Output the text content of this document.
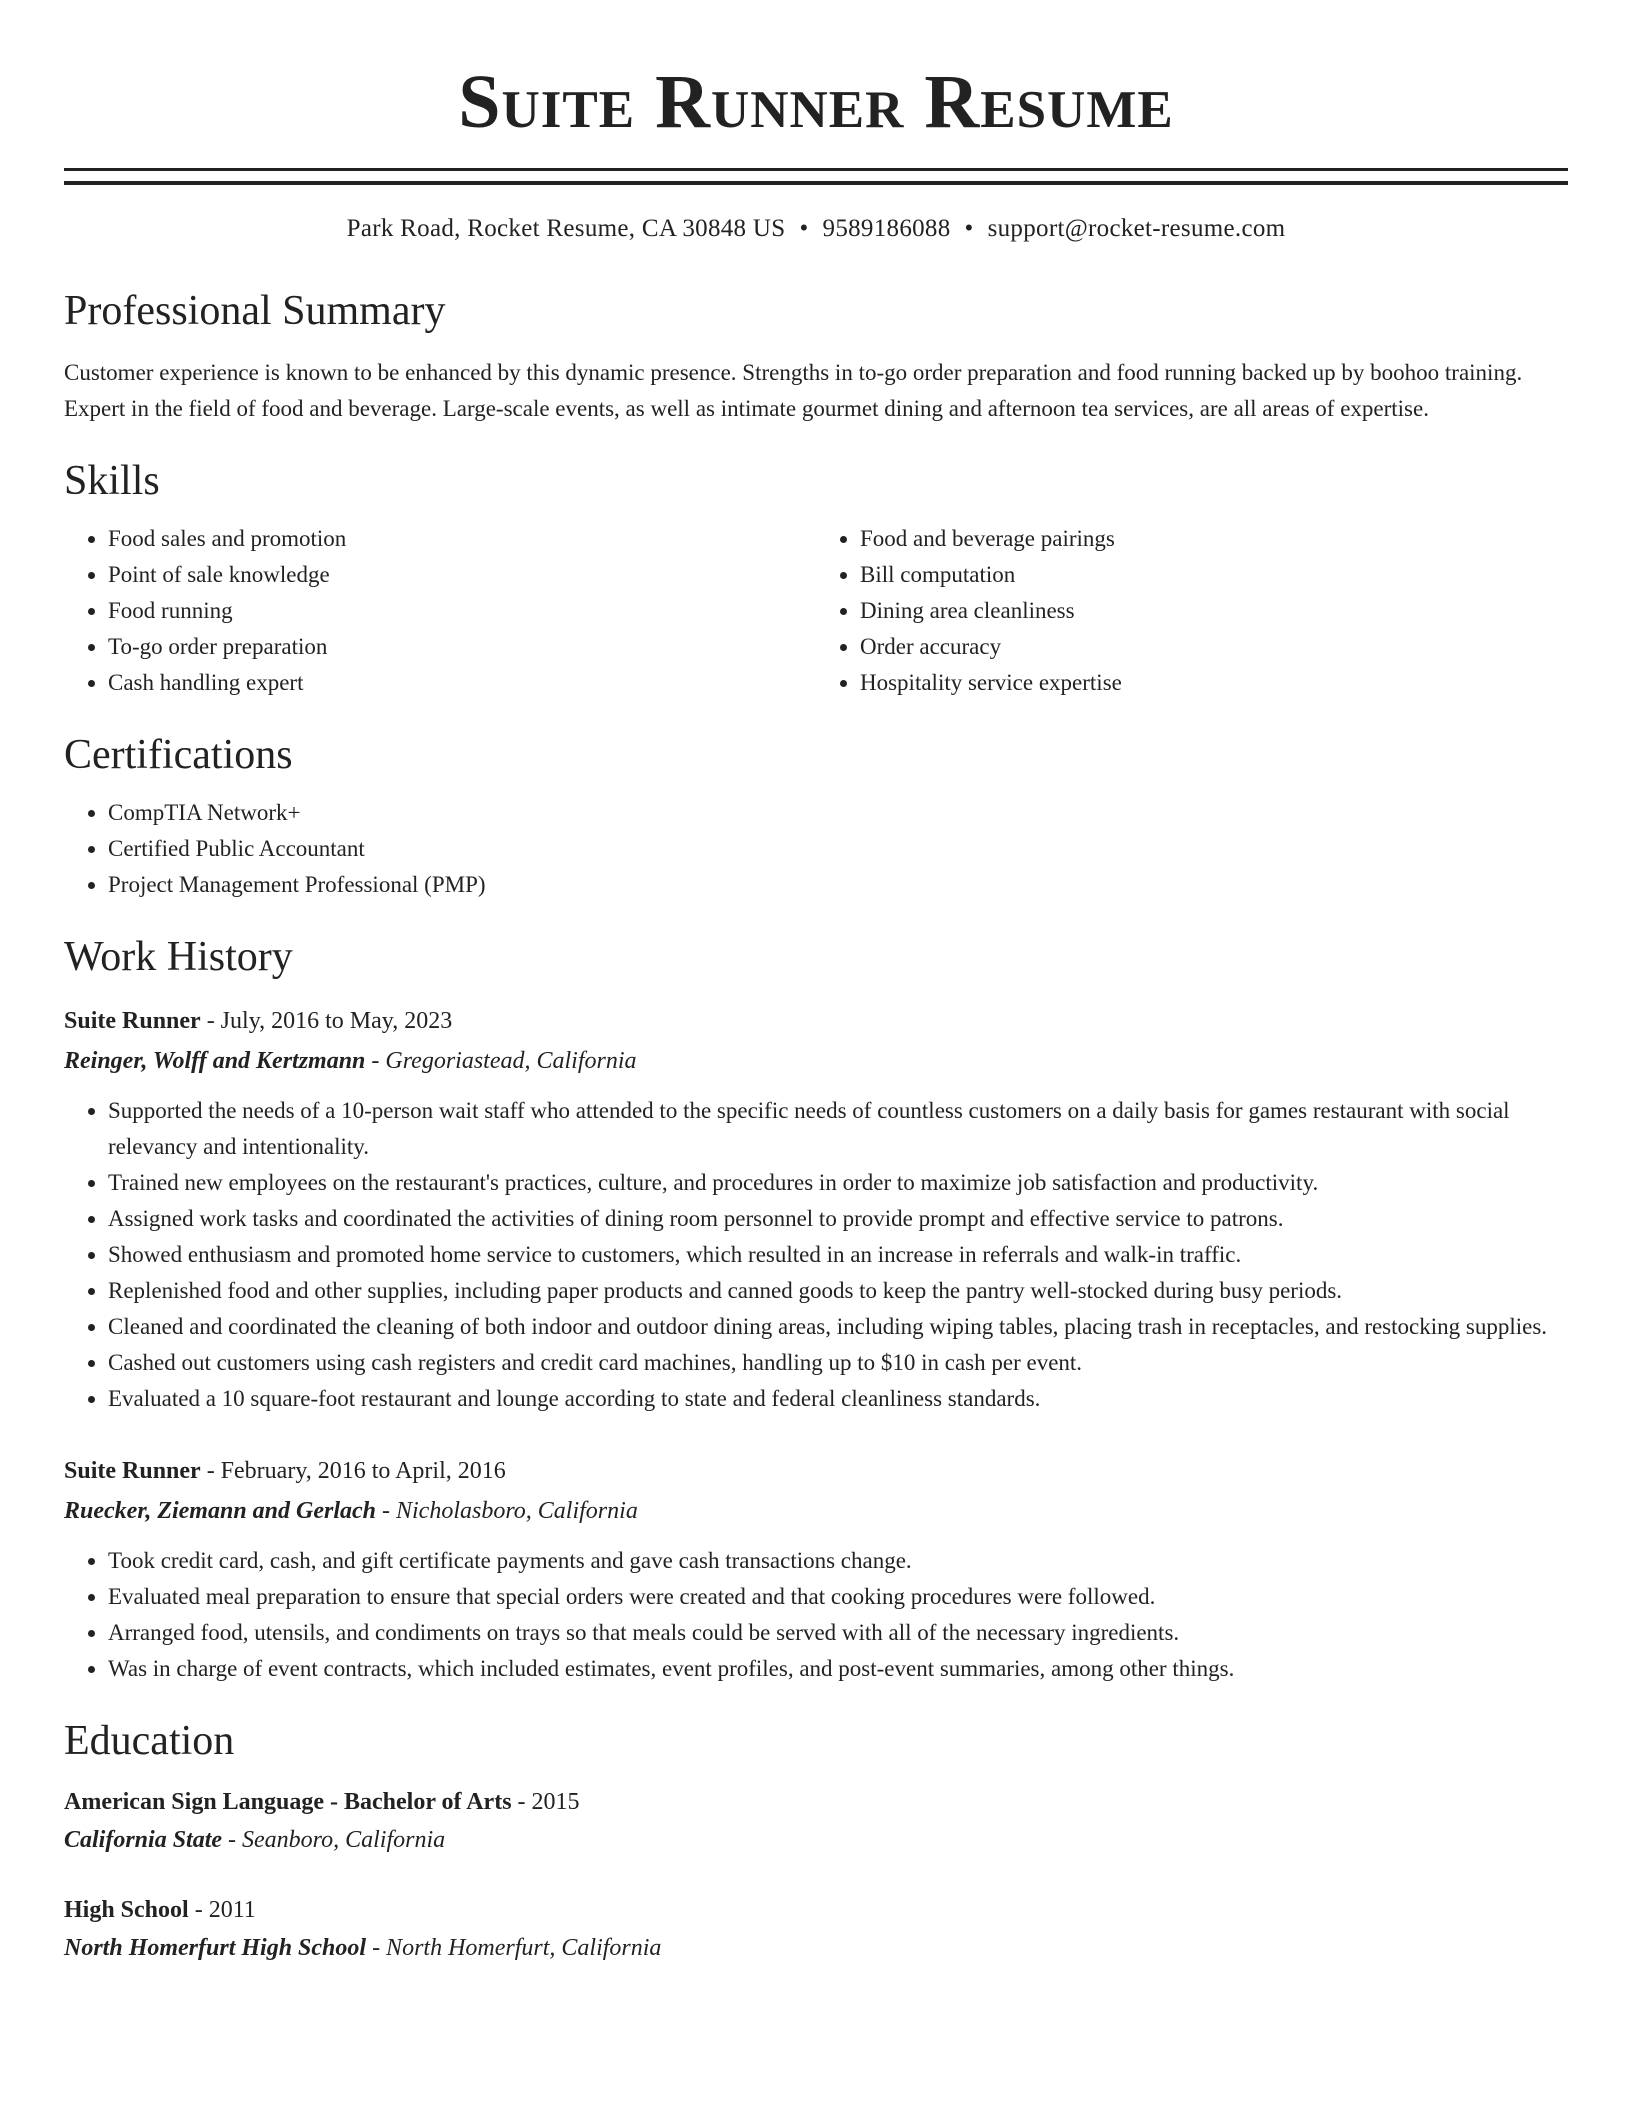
Suite Runner Resume
Park Road, Rocket Resume, CA 30848 US • 9589186088 • support@rocket-resume.com
Professional Summary

Customer experience is known to be enhanced by this dynamic presence. Strengths in to-go order preparation and food running backed up by boohoo training. Expert in the field of food and beverage. Large-scale events, as well as intimate gourmet dining and afternoon tea services, are all areas of expertise.

Skills
• Food sales and promotion
• Point of sale knowledge
• Food running
• To-go order preparation
• Cash handling expert
• Food and beverage pairings
• Bill computation
• Dining area cleanliness
• Order accuracy
• Hospitality service expertise
Certifications
• CompTIA Network+
• Certified Public Accountant
• Project Management Professional (PMP)
Work History
Suite Runner - July, 2016 to May, 2023
Reinger, Wolff and Kertzmann - Gregoriastead, California
• Supported the needs of a 10-person wait staff who attended to the specific needs of countless customers on a daily basis for games restaurant with social relevancy and intentionality.
• Trained new employees on the restaurant's practices, culture, and procedures in order to maximize job satisfaction and productivity.
• Assigned work tasks and coordinated the activities of dining room personnel to provide prompt and effective service to patrons.
• Showed enthusiasm and promoted home service to customers, which resulted in an increase in referrals and walk-in traffic.
• Replenished food and other supplies, including paper products and canned goods to keep the pantry well-stocked during busy periods.
• Cleaned and coordinated the cleaning of both indoor and outdoor dining areas, including wiping tables, placing trash in receptacles, and restocking supplies.
• Cashed out customers using cash registers and credit card machines, handling up to $10 in cash per event.
• Evaluated a 10 square-foot restaurant and lounge according to state and federal cleanliness standards.
Suite Runner - February, 2016 to April, 2016
Ruecker, Ziemann and Gerlach - Nicholasboro, California
• Took credit card, cash, and gift certificate payments and gave cash transactions change.
• Evaluated meal preparation to ensure that special orders were created and that cooking procedures were followed.
• Arranged food, utensils, and condiments on trays so that meals could be served with all of the necessary ingredients.
• Was in charge of event contracts, which included estimates, event profiles, and post-event summaries, among other things.
Education
American Sign Language - Bachelor of Arts - 2015
California State - Seanboro, California
High School - 2011
North Homerfurt High School - North Homerfurt, California
